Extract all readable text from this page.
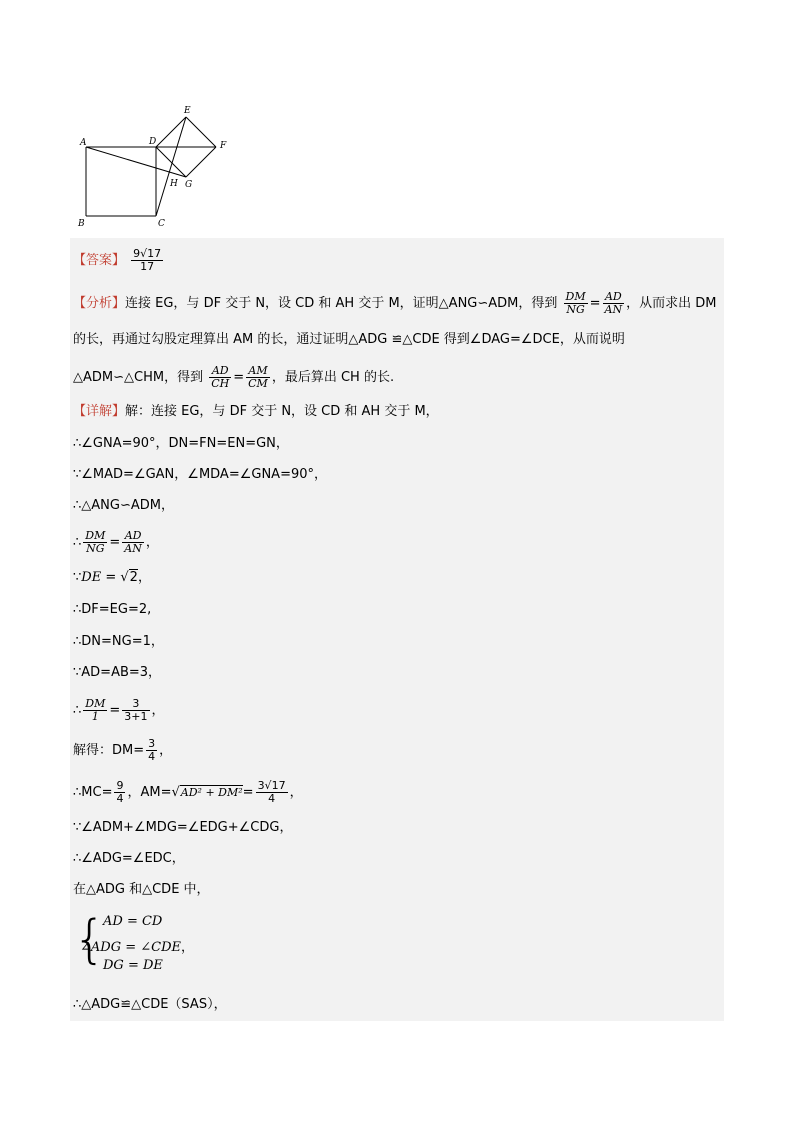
A
B	C
D
E
F
G
H
【答案】 $\frac{9√17}{17}$
【分析】连接 EG，与 DF 交于 N，设 CD 和 AH 交于 M，证明△ANG∽ADM，得到 $\frac{DM}{NG} = \frac{AD}{AN}$ ，从而求出 DM
的长，再通过勾股定理算出 AM 的长，通过证明△ADG ≌△CDE 得到∠DAG=∠DCE，从而说明
△ADM∽△CHM，得到 $\frac{AD}{CH} = \frac{AM}{CM}$ ，最后算出 CH 的长.
【详解】解：连接 EG，与 DF 交于 N，设 CD 和 AH 交于 M，
∴∠GNA=90°，DN=FN=EN=GN，
∵∠MAD=∠GAN，∠MDA=∠GNA=90°，
∴△ANG∽ADM，
∴ $\frac{DM}{NG} = \frac{AD}{AN}$ ，
∵DE = √2，
∴DF=EG=2,
∴DN=NG=1，
∵AD=AB=3，
∴ $\frac{DM}{1} = \frac{3}{3+1}$ ，
解得：$DM= \frac{3}{4}$ ，
∴MC= $\frac{9}{4}$ ，$AM=√AD^2 + DM^2= \frac{3√17}{4}$ ，
∵∠ADM+∠MDG=∠EDG+∠CDG，
∴∠ADG=∠EDC，
在△ADG 和△CDE 中，
{
AD = CD
∠ADG = ∠CDE，
DG = DE
∴△ADG≌△CDE（SAS），
